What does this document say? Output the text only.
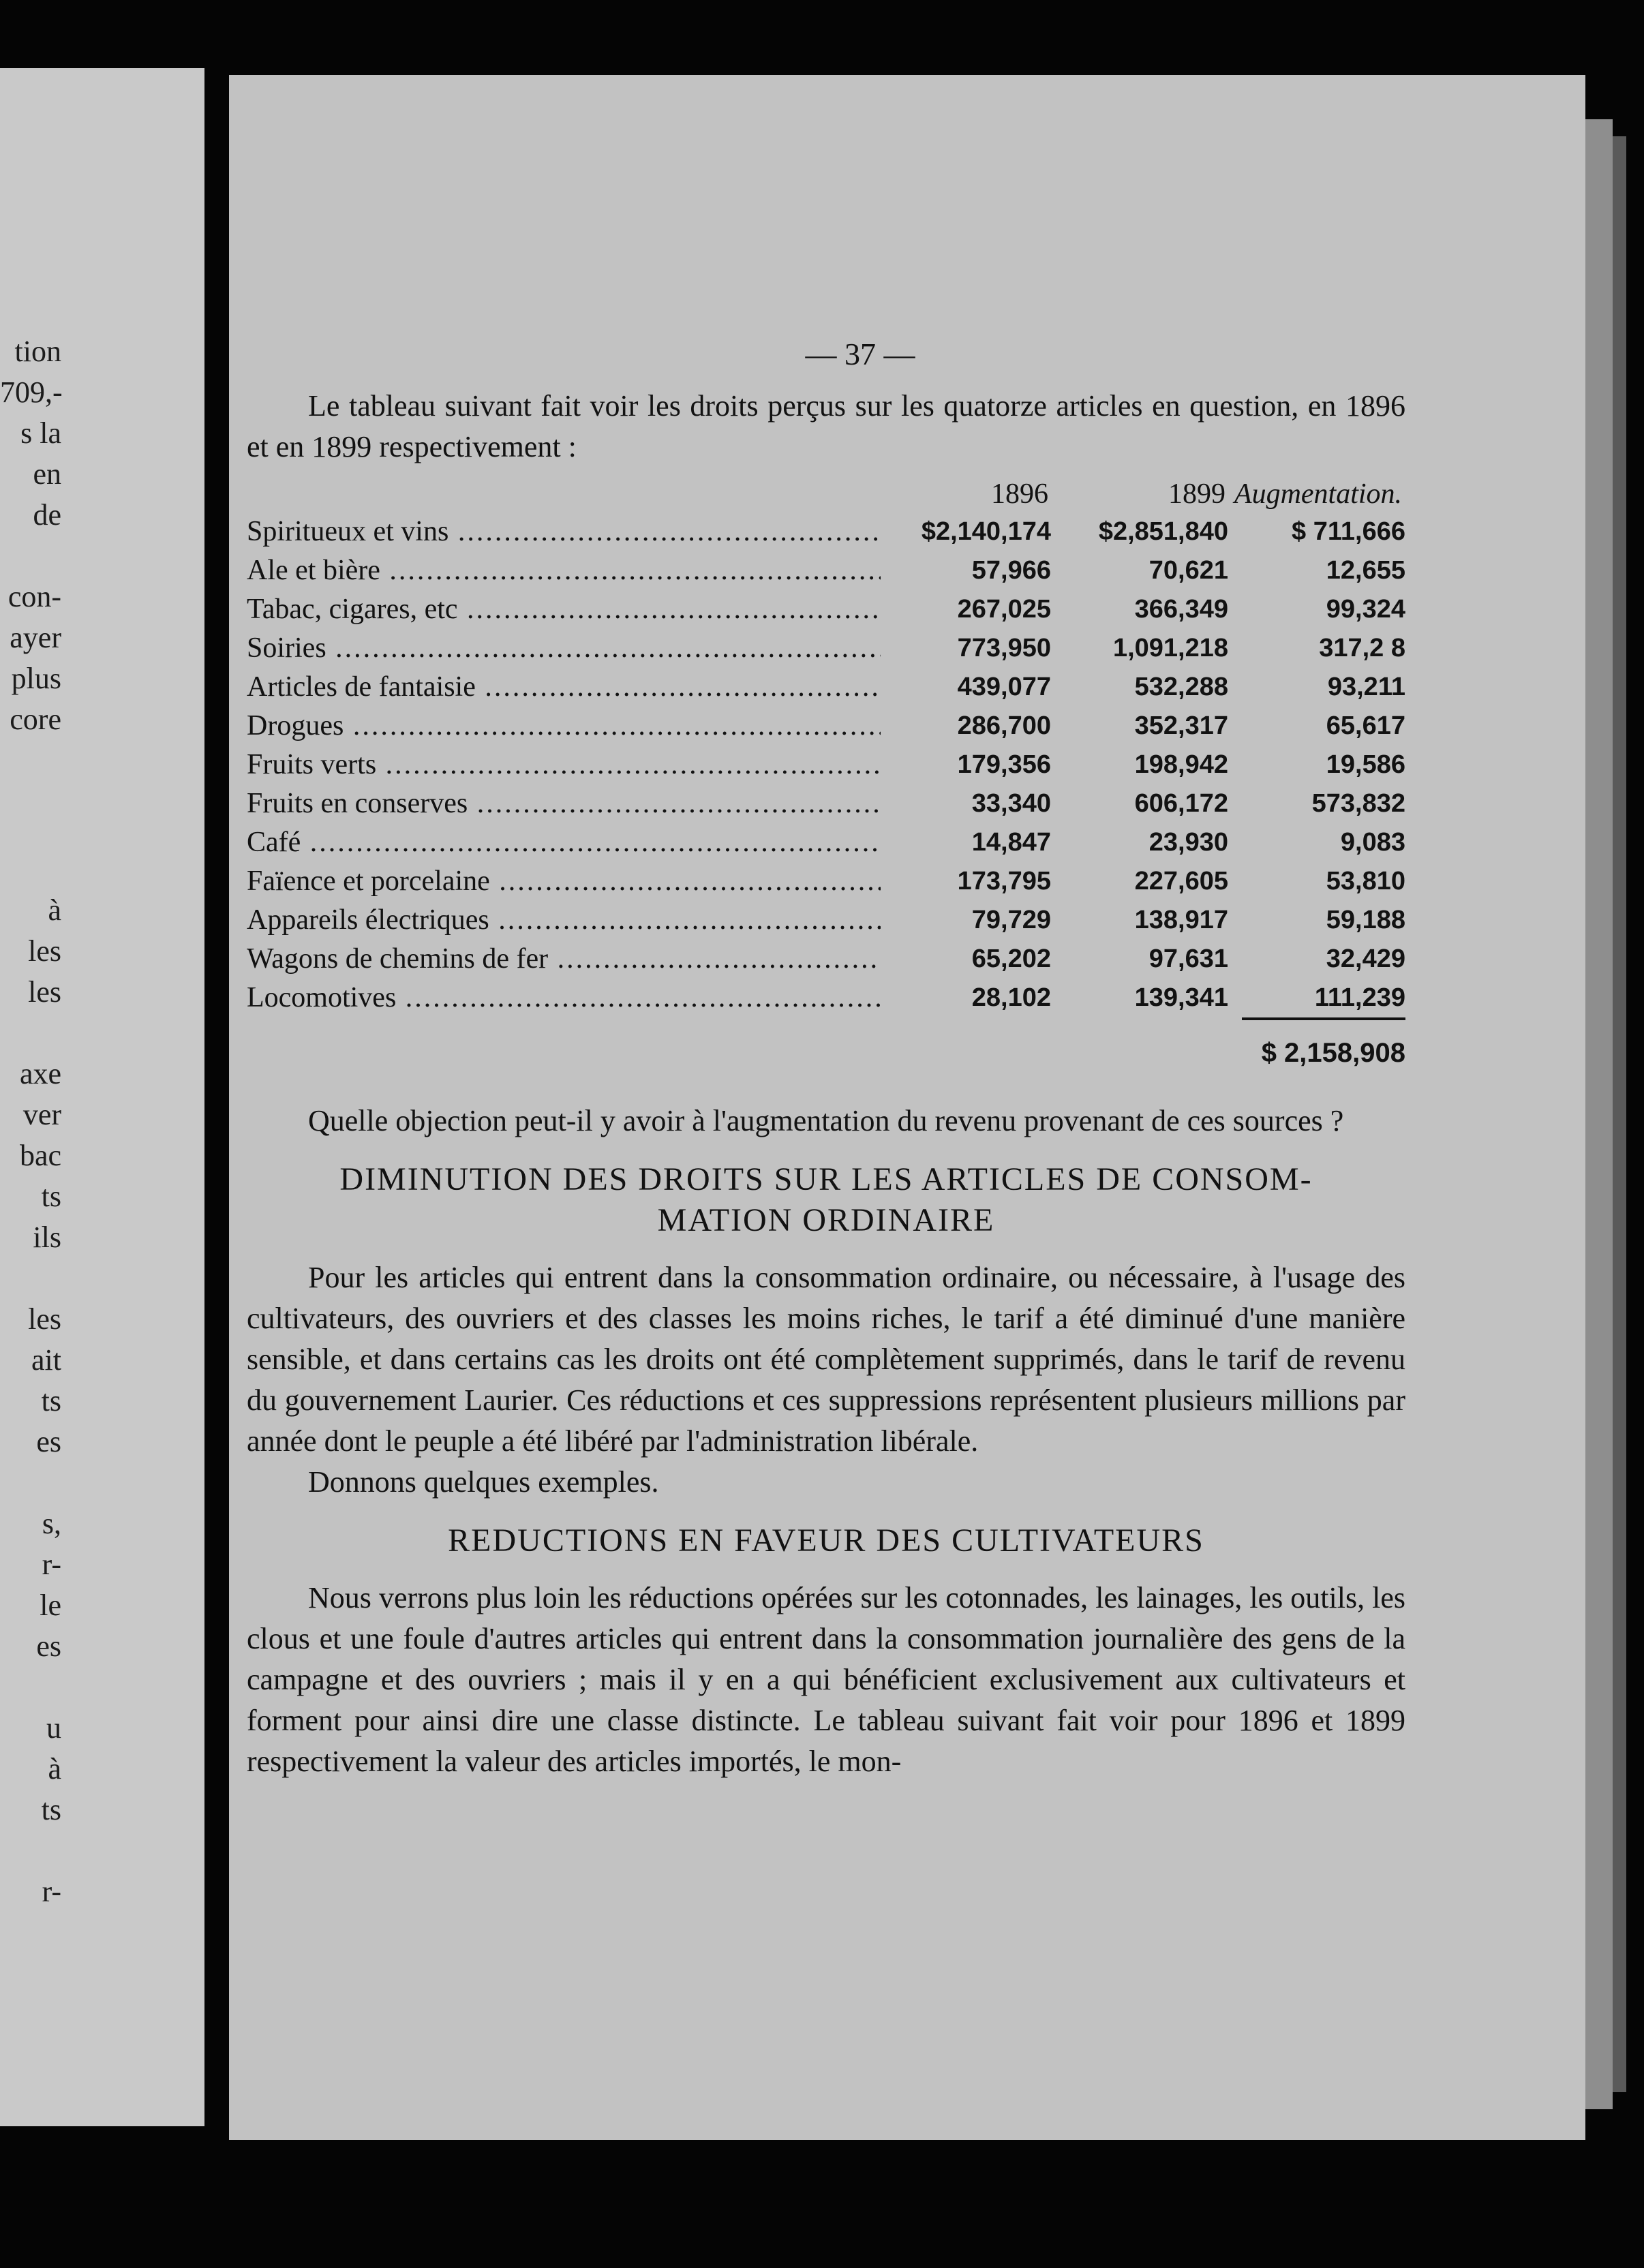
tion
709,-
s la
en
de
con-
ayer
plus
core
à
les
les
axe
ver
bac
ts
ils
les
ait
ts
es
s,
r-
le
es
u
à
ts
r-
— 37 —

Le tableau suivant fait voir les droits perçus sur les quatorze articles en question, en 1896 et en 1899 respectivement :

	1896	1899	Augmentation.
Spiritueux et vins .....	$2,140,174	$2,851,840	$ 711,666
Ale et bière .....	57,966	70,621	12,655
Tabac, cigares, etc .....	267,025	366,349	99,324
Soiries .....	773,950	1,091,218	317,2 8
Articles de fantaisie .....	439,077	532,288	93,211
Drogues .....	286,700	352,317	65,617
Fruits verts .....	179,356	198,942	19,586
Fruits en conserves .....	33,340	606,172	573,832
Café .....	14,847	23,930	9,083
Faïence et porcelaine .....	173,795	227,605	53,810
Appareils électriques .....	79,729	138,917	59,188
Wagons de chemins de fer .....	65,202	97,631	32,429
Locomotives .....	28,102	139,341	111,239

$ 2,158,908

Quelle objection peut-il y avoir à l'augmentation du revenu provenant de ces sources ?

DIMINUTION DES DROITS SUR LES ARTICLES DE CONSOM-
MATION ORDINAIRE

Pour les articles qui entrent dans la consommation ordinaire, ou nécessaire, à l'usage des cultivateurs, des ouvriers et des classes les moins riches, le tarif a été diminué d'une manière sensible, et dans certains cas les droits ont été complètement supprimés, dans le tarif de revenu du gouvernement Laurier. Ces réductions et ces suppressions représentent plusieurs millions par année dont le peuple a été libéré par l'administration libérale.

Donnons quelques exemples.

REDUCTIONS EN FAVEUR DES CULTIVATEURS

Nous verrons plus loin les réductions opérées sur les cotonnades, les lainages, les outils, les clous et une foule d'autres articles qui entrent dans la consommation journalière des gens de la campagne et des ouvriers ; mais il y en a qui bénéficient exclusivement aux cultivateurs et forment pour ainsi dire une classe distincte. Le tableau suivant fait voir pour 1896 et 1899 respectivement la valeur des articles importés, le mon-
